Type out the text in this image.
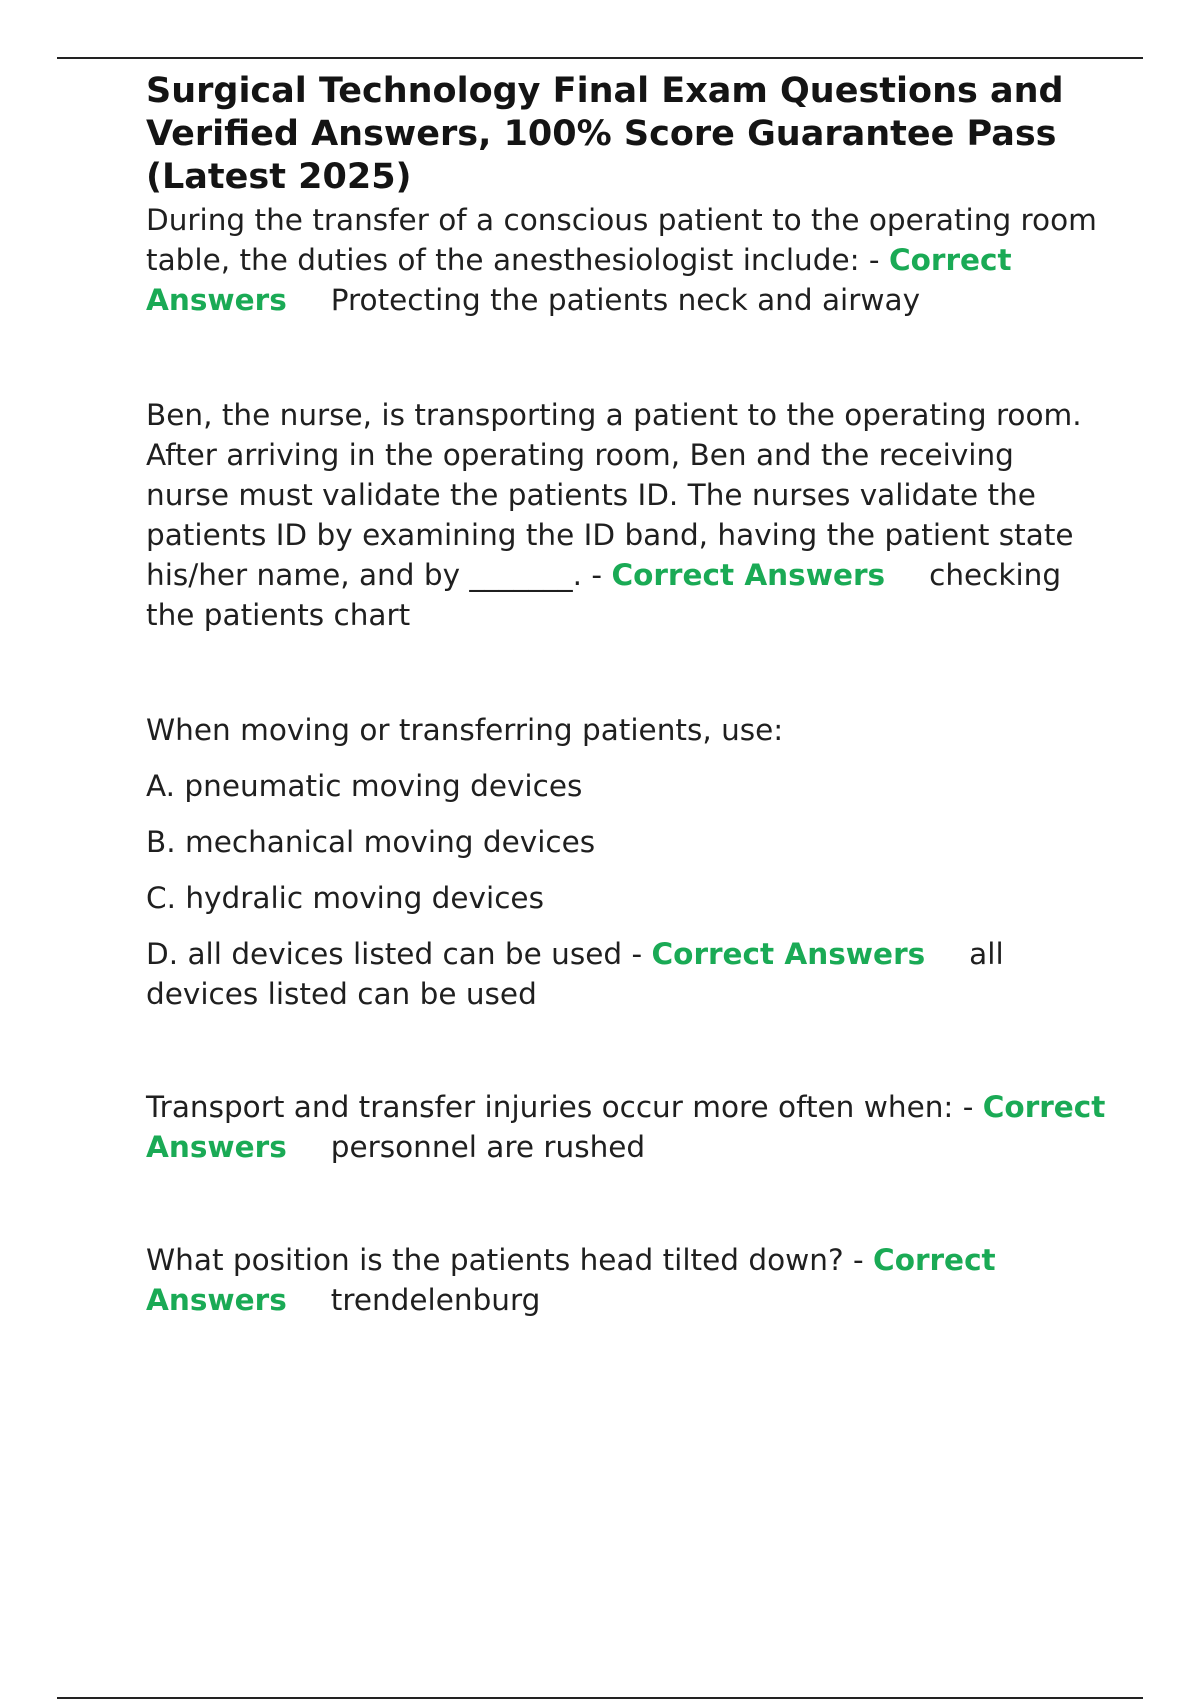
Surgical Technology Final Exam Questions and Verified Answers, 100% Score Guarantee Pass (Latest 2025)

During the transfer of a conscious patient to the operating room table, the duties of the anesthesiologist include: - Correct Answers Protecting the patients neck and airway

Ben, the nurse, is transporting a patient to the operating room. After arriving in the operating room, Ben and the receiving nurse must validate the patients ID. The nurses validate the patients ID by examining the ID band, having the patient state his/her name, and by _______. - Correct Answers checking the patients chart

When moving or transferring patients, use:

A. pneumatic moving devices

B. mechanical moving devices

C. hydralic moving devices

D. all devices listed can be used - Correct Answers all devices listed can be used

Transport and transfer injuries occur more often when: - Correct Answers personnel are rushed

What position is the patients head tilted down? - Correct Answers trendelenburg
